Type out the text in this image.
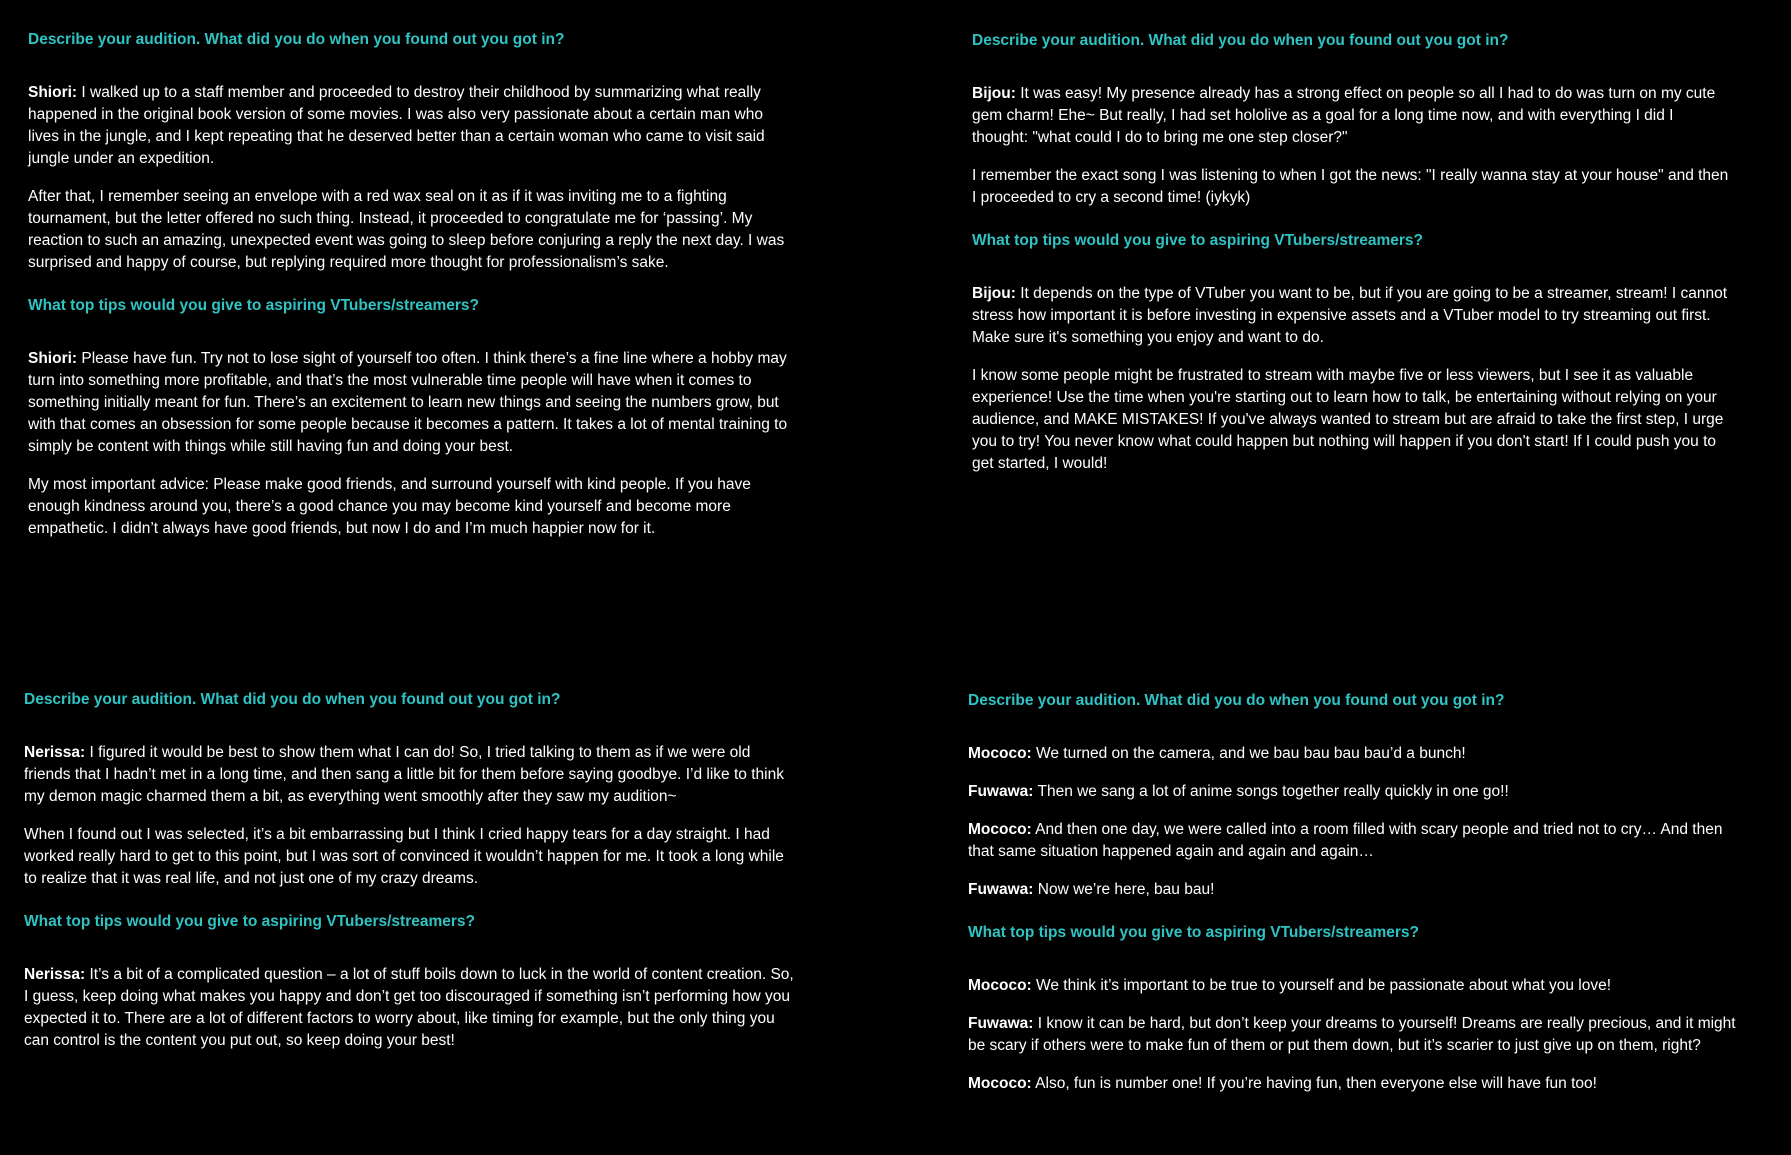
Describe your audition. What did you do when you found out you got in?

Shiori: I walked up to a staff member and proceeded to destroy their childhood by summarizing what really happened in the original book version of some movies. I was also very passionate about a certain man who lives in the jungle, and I kept repeating that he deserved better than a certain woman who came to visit said jungle under an expedition.

After that, I remember seeing an envelope with a red wax seal on it as if it was inviting me to a fighting tournament, but the letter offered no such thing. Instead, it proceeded to congratulate me for ‘passing’. My reaction to such an amazing, unexpected event was going to sleep before conjuring a reply the next day. I was surprised and happy of course, but replying required more thought for professionalism’s sake.

What top tips would you give to aspiring VTubers/streamers?

Shiori: Please have fun. Try not to lose sight of yourself too often. I think there’s a fine line where a hobby may turn into something more profitable, and that’s the most vulnerable time people will have when it comes to something initially meant for fun. There’s an excitement to learn new things and seeing the numbers grow, but with that comes an obsession for some people because it becomes a pattern. It takes a lot of mental training to simply be content with things while still having fun and doing your best.

My most important advice: Please make good friends, and surround yourself with kind people. If you have enough kindness around you, there’s a good chance you may become kind yourself and become more empathetic. I didn’t always have good friends, but now I do and I’m much happier now for it.

Describe your audition. What did you do when you found out you got in?

Bijou: It was easy! My presence already has a strong effect on people so all I had to do was turn on my cute gem charm! Ehe~ But really, I had set hololive as a goal for a long time now, and with everything I did I thought: "what could I do to bring me one step closer?"

I remember the exact song I was listening to when I got the news: "I really wanna stay at your house" and then I proceeded to cry a second time! (iykyk)

What top tips would you give to aspiring VTubers/streamers?

Bijou: It depends on the type of VTuber you want to be, but if you are going to be a streamer, stream! I cannot stress how important it is before investing in expensive assets and a VTuber model to try streaming out first. Make sure it's something you enjoy and want to do.

I know some people might be frustrated to stream with maybe five or less viewers, but I see it as valuable experience! Use the time when you're starting out to learn how to talk, be entertaining without relying on your audience, and MAKE MISTAKES! If you've always wanted to stream but are afraid to take the first step, I urge you to try! You never know what could happen but nothing will happen if you don't start! If I could push you to get started, I would!

Describe your audition. What did you do when you found out you got in?

Nerissa: I figured it would be best to show them what I can do! So, I tried talking to them as if we were old friends that I hadn’t met in a long time, and then sang a little bit for them before saying goodbye. I’d like to think my demon magic charmed them a bit, as everything went smoothly after they saw my audition~

When I found out I was selected, it’s a bit embarrassing but I think I cried happy tears for a day straight. I had worked really hard to get to this point, but I was sort of convinced it wouldn’t happen for me. It took a long while to realize that it was real life, and not just one of my crazy dreams.

What top tips would you give to aspiring VTubers/streamers?

Nerissa: It’s a bit of a complicated question – a lot of stuff boils down to luck in the world of content creation. So, I guess, keep doing what makes you happy and don’t get too discouraged if something isn’t performing how you expected it to. There are a lot of different factors to worry about, like timing for example, but the only thing you can control is the content you put out, so keep doing your best!

Describe your audition. What did you do when you found out you got in?

Mococo: We turned on the camera, and we bau bau bau bau’d a bunch!

Fuwawa: Then we sang a lot of anime songs together really quickly in one go!!

Mococo: And then one day, we were called into a room filled with scary people and tried not to cry… And then that same situation happened again and again and again…

Fuwawa: Now we’re here, bau bau!

What top tips would you give to aspiring VTubers/streamers?

Mococo: We think it’s important to be true to yourself and be passionate about what you love!

Fuwawa: I know it can be hard, but don’t keep your dreams to yourself! Dreams are really precious, and it might be scary if others were to make fun of them or put them down, but it’s scarier to just give up on them, right?

Mococo: Also, fun is number one! If you’re having fun, then everyone else will have fun too!
